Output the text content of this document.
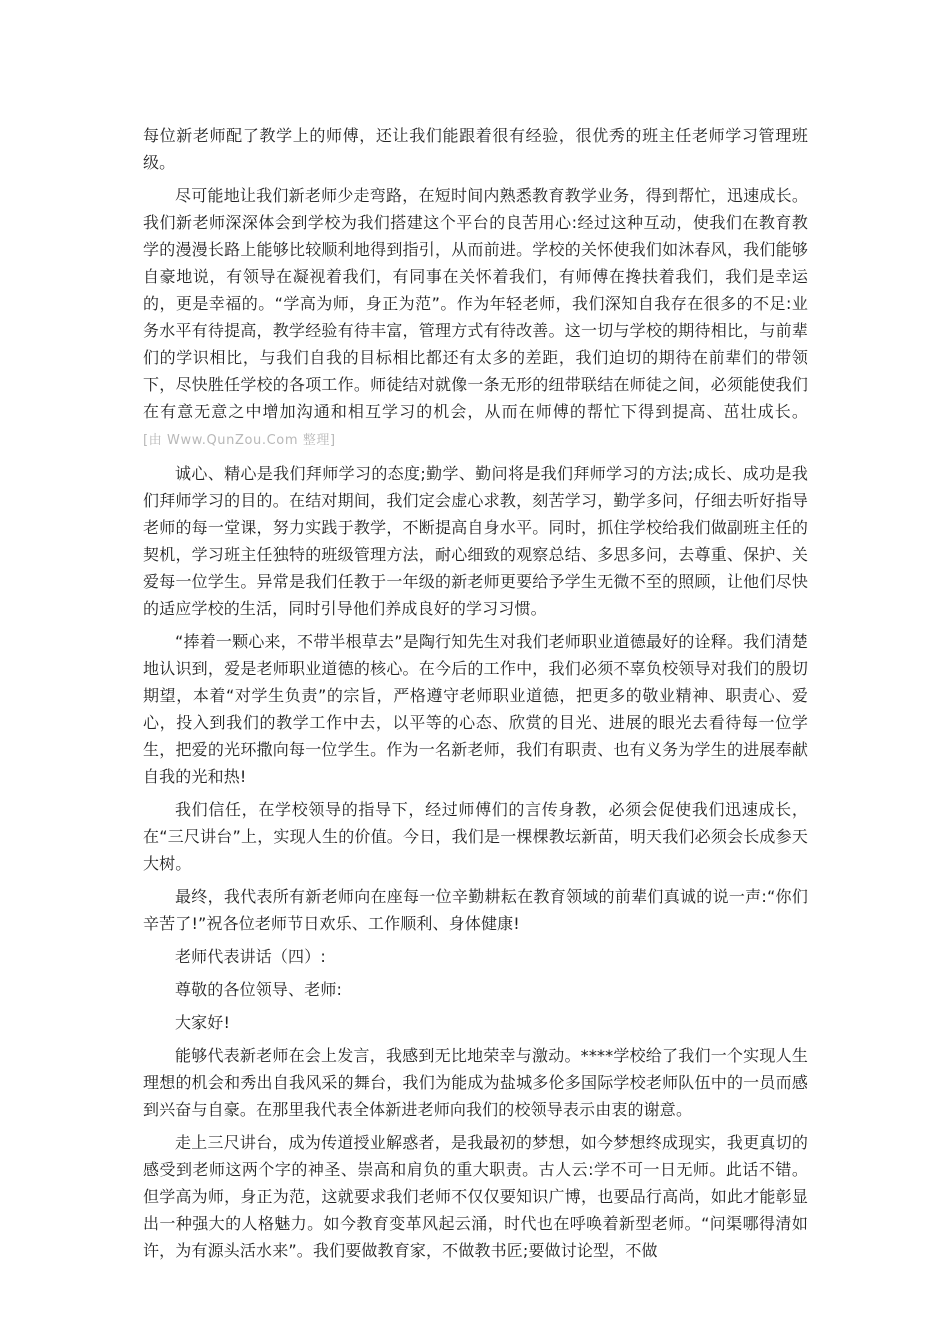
每位新老师配了教学上的师傅，还让我们能跟着很有经验，很优秀的班主任老师学习管理班级。

尽可能地让我们新老师少走弯路，在短时间内熟悉教育教学业务，得到帮忙，迅速成长。我们新老师深深体会到学校为我们搭建这个平台的良苦用心:经过这种互动，使我们在教育教学的漫漫长路上能够比较顺利地得到指引，从而前进。学校的关怀使我们如沐春风，我们能够自豪地说，有领导在凝视着我们，有同事在关怀着我们，有师傅在搀扶着我们，我们是幸运的，更是幸福的。“学高为师，身正为范”。作为年轻老师，我们深知自我存在很多的不足:业务水平有待提高，教学经验有待丰富，管理方式有待改善。这一切与学校的期待相比，与前辈们的学识相比，与我们自我的目标相比都还有太多的差距，我们迫切的期待在前辈们的带领下，尽快胜任学校的各项工作。师徒结对就像一条无形的纽带联结在师徒之间，必须能使我们在有意无意之中增加沟通和相互学习的机会，从而在师傅的帮忙下得到提高、茁壮成长。[由 Www.QunZou.Com 整理]

诚心、精心是我们拜师学习的态度;勤学、勤问将是我们拜师学习的方法;成长、成功是我们拜师学习的目的。在结对期间，我们定会虚心求教，刻苦学习，勤学多问，仔细去听好指导老师的每一堂课，努力实践于教学，不断提高自身水平。同时，抓住学校给我们做副班主任的契机，学习班主任独特的班级管理方法，耐心细致的观察总结、多思多问，去尊重、保护、关爱每一位学生。异常是我们任教于一年级的新老师更要给予学生无微不至的照顾，让他们尽快的适应学校的生活，同时引导他们养成良好的学习习惯。

“捧着一颗心来，不带半根草去”是陶行知先生对我们老师职业道德最好的诠释。我们清楚地认识到，爱是老师职业道德的核心。在今后的工作中，我们必须不辜负校领导对我们的殷切期望，本着“对学生负责”的宗旨，严格遵守老师职业道德，把更多的敬业精神、职责心、爱心，投入到我们的教学工作中去，以平等的心态、欣赏的目光、进展的眼光去看待每一位学生，把爱的光环撒向每一位学生。作为一名新老师，我们有职责、也有义务为学生的进展奉献自我的光和热!

我们信任，在学校领导的指导下，经过师傅们的言传身教，必须会促使我们迅速成长，在“三尺讲台”上，实现人生的价值。今日，我们是一棵棵教坛新苗，明天我们必须会长成参天大树。

最终，我代表所有新老师向在座每一位辛勤耕耘在教育领域的前辈们真诚的说一声:“你们辛苦了!”祝各位老师节日欢乐、工作顺利、身体健康!

老师代表讲话（四）:

尊敬的各位领导、老师:

大家好!

能够代表新老师在会上发言，我感到无比地荣幸与激动。****学校给了我们一个实现人生理想的机会和秀出自我风采的舞台，我们为能成为盐城多伦多国际学校老师队伍中的一员而感到兴奋与自豪。在那里我代表全体新进老师向我们的校领导表示由衷的谢意。

走上三尺讲台，成为传道授业解惑者，是我最初的梦想，如今梦想终成现实，我更真切的感受到老师这两个字的神圣、崇高和肩负的重大职责。古人云:学不可一日无师。此话不错。但学高为师，身正为范，这就要求我们老师不仅仅要知识广博，也要品行高尚，如此才能彰显出一种强大的人格魅力。如今教育变革风起云涌，时代也在呼唤着新型老师。“问渠哪得清如许，为有源头活水来”。我们要做教育家，不做教书匠;要做讨论型，不做
